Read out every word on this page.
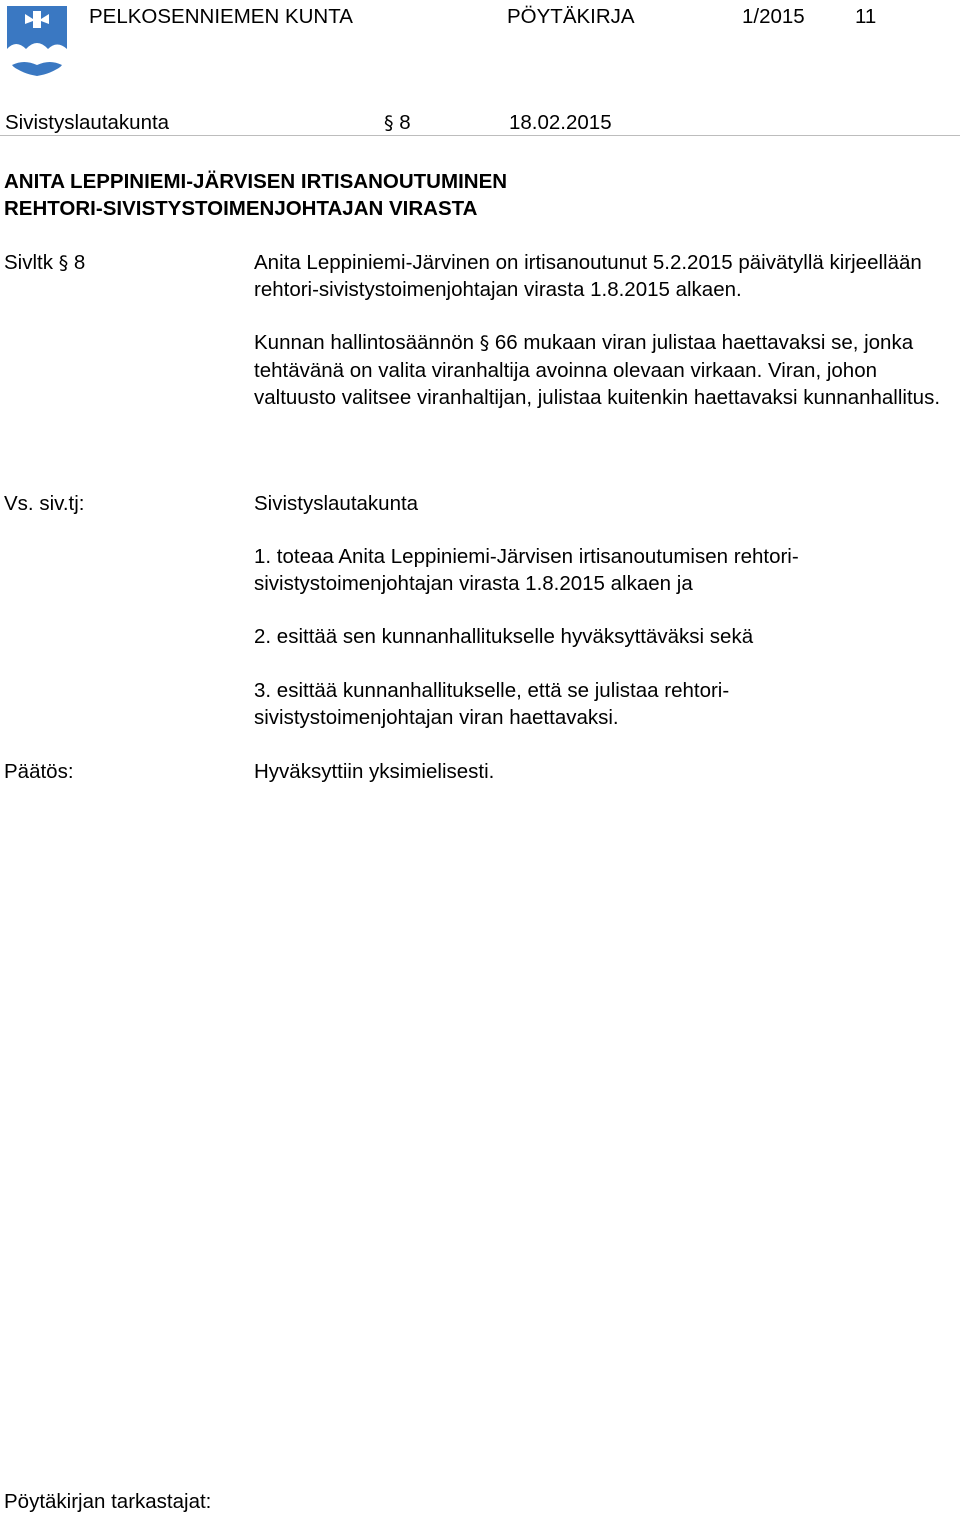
PELKOSENNIEMEN KUNTA	PÖYTÄKIRJA	1/2015 11
Sivistyslautakunta	§ 8	18.02.2015
ANITA LEPPINIEMI-JÄRVISEN IRTISANOUTUMINEN
REHTORI-SIVISTYSTOIMENJOHTAJAN VIRASTA
Sivltk § 8	Anita Leppiniemi-Järvinen on irtisanoutunut 5.2.2015 päivätyllä kirjeellään rehtori-sivistystoimenjohtajan virasta 1.8.2015 alkaen.

Kunnan hallintosäännön § 66 mukaan viran julistaa haettavaksi se, jonka tehtävänä on valita viranhaltija avoinna olevaan virkaan. Viran, johon valtuusto valitsee viranhaltijan, julistaa kuitenkin haettavaksi kunnanhallitus.

Vs. siv.tj:	Sivistyslautakunta

1. toteaa Anita Leppiniemi-Järvisen irtisanoutumisen rehtori-sivistystoimenjohtajan virasta 1.8.2015 alkaen ja

2. esittää sen kunnanhallitukselle hyväksyttäväksi sekä

3. esittää kunnanhallitukselle, että se julistaa rehtori-sivistystoimenjohtajan viran haettavaksi.

Päätös:	Hyväksyttiin yksimielisesti.
Pöytäkirjan tarkastajat:
